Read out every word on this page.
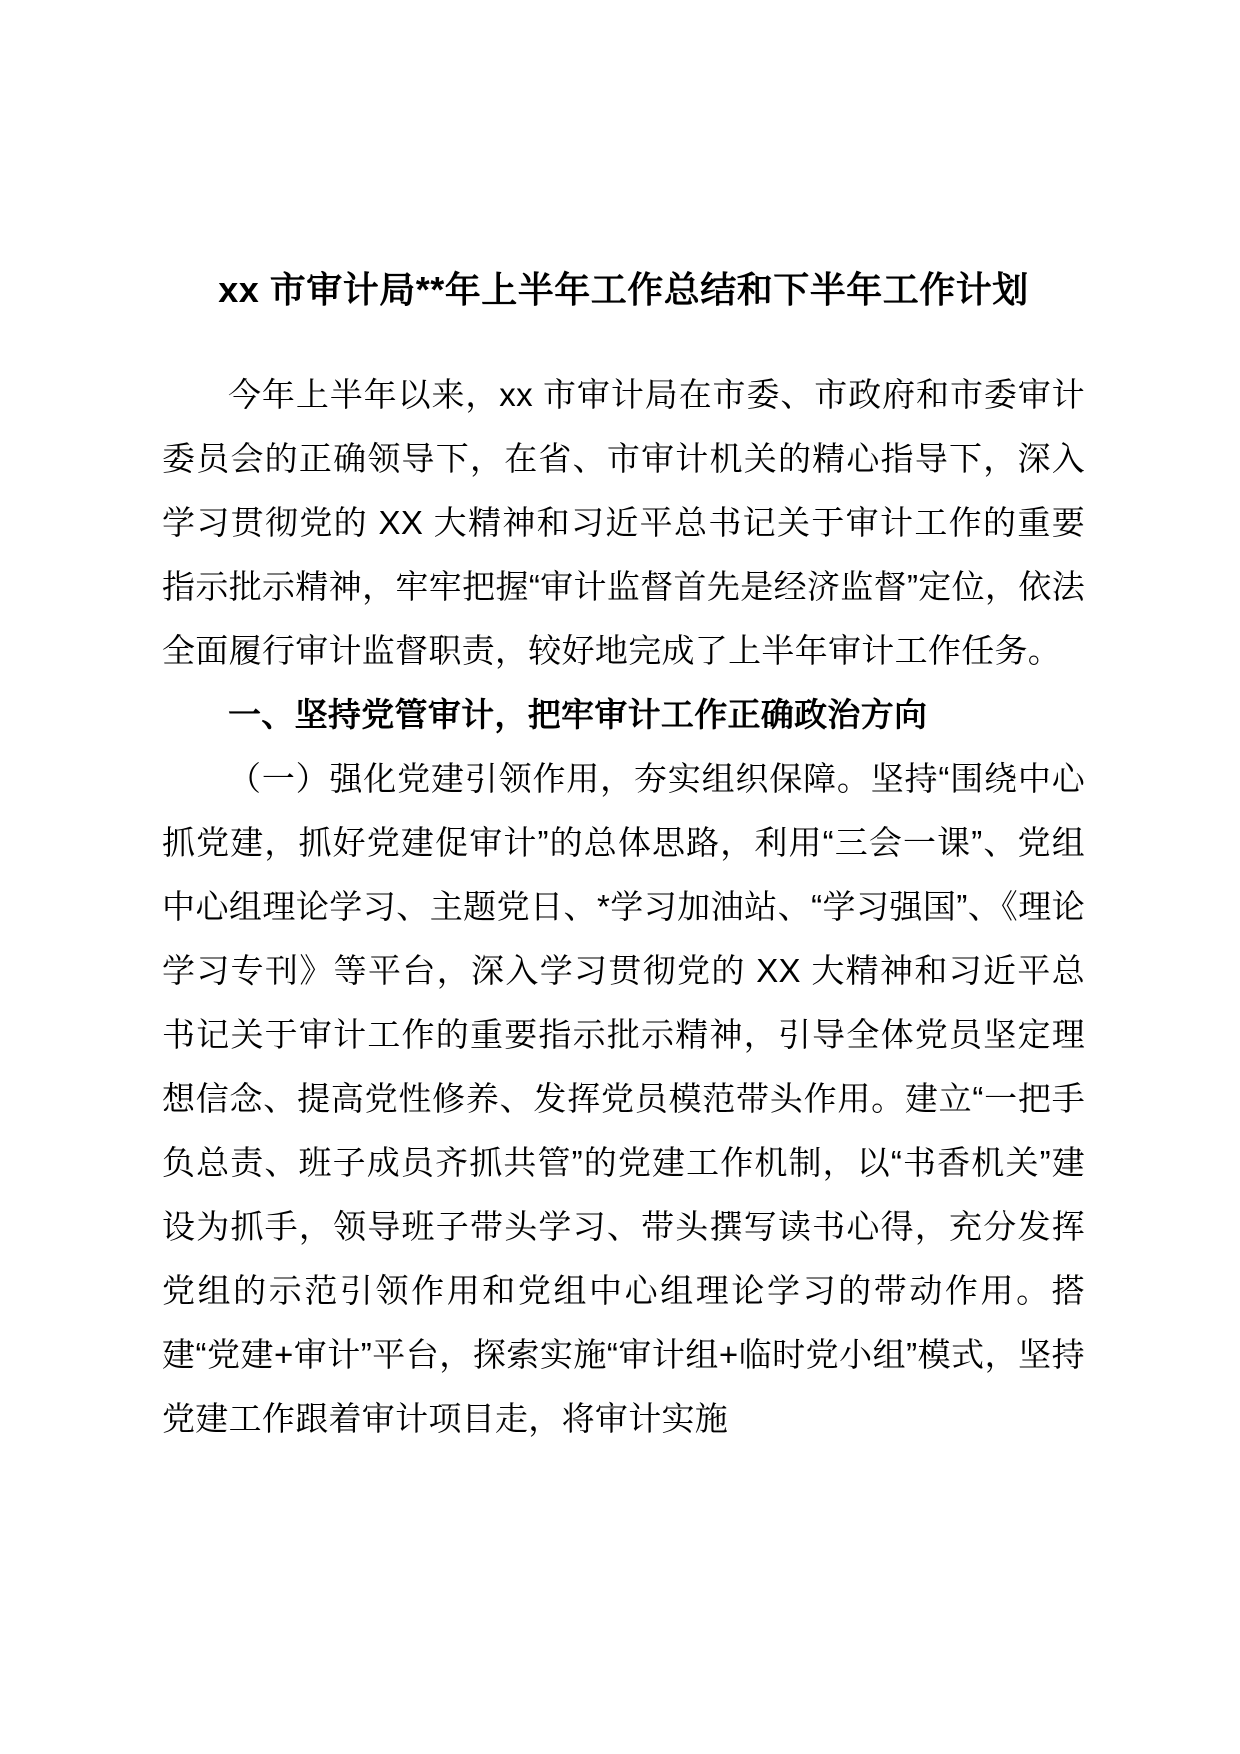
xx 市审计局**年上半年工作总结和下半年工作计划

今年上半年以来，xx 市审计局在市委、市政府和市委审计委员会的正确领导下，在省、市审计机关的精心指导下，深入学习贯彻党的 XX 大精神和习近平总书记关于审计工作的重要指示批示精神，牢牢把握“审计监督首先是经济监督”定位，依法全面履行审计监督职责，较好地完成了上半年审计工作任务。

一、坚持党管审计，把牢审计工作正确政治方向

（一）强化党建引领作用，夯实组织保障。坚持“围绕中心抓党建，抓好党建促审计”的总体思路，利用“三会一课”、党组中心组理论学习、主题党日、*学习加油站、“学习强国”、《理论学习专刊》等平台，深入学习贯彻党的 XX 大精神和习近平总书记关于审计工作的重要指示批示精神，引导全体党员坚定理想信念、提高党性修养、发挥党员模范带头作用。建立“一把手负总责、班子成员齐抓共管”的党建工作机制，以“书香机关”建设为抓手，领导班子带头学习、带头撰写读书心得，充分发挥党组的示范引领作用和党组中心组理论学习的带动作用。搭建“党建+审计”平台，探索实施“审计组+临时党小组”模式，坚持党建工作跟着审计项目走，将审计实施
